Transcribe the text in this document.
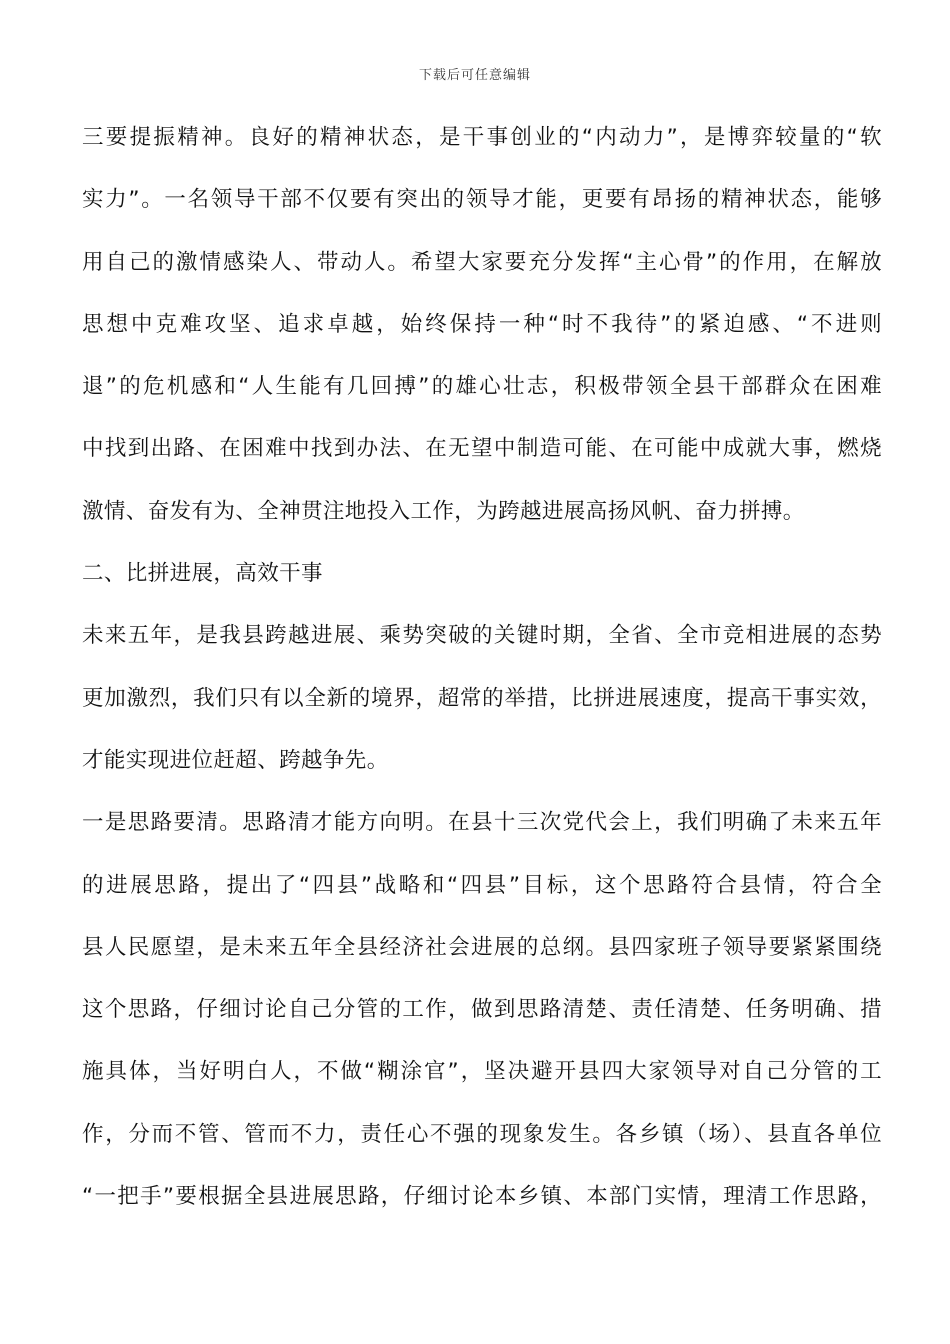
下载后可任意编辑
三要提振精神。良好的精神状态，是干事创业的“内动力”，是博弈较量的“软
实力”。一名领导干部不仅要有突出的领导才能，更要有昂扬的精神状态，能够
用自己的激情感染人、带动人。希望大家要充分发挥“主心骨”的作用，在解放
思想中克难攻坚、追求卓越，始终保持一种“时不我待”的紧迫感、“不进则
退”的危机感和“人生能有几回搏”的雄心壮志，积极带领全县干部群众在困难
中找到出路、在困难中找到办法、在无望中制造可能、在可能中成就大事，燃烧
激情、奋发有为、全神贯注地投入工作，为跨越进展高扬风帆、奋力拼搏。
二、比拼进展，高效干事
未来五年，是我县跨越进展、乘势突破的关键时期，全省、全市竞相进展的态势
更加激烈，我们只有以全新的境界，超常的举措，比拼进展速度，提高干事实效，
才能实现进位赶超、跨越争先。
一是思路要清。思路清才能方向明。在县十三次党代会上，我们明确了未来五年
的进展思路，提出了“四县”战略和“四县”目标，这个思路符合县情，符合全
县人民愿望，是未来五年全县经济社会进展的总纲。县四家班子领导要紧紧围绕
这个思路，仔细讨论自己分管的工作，做到思路清楚、责任清楚、任务明确、措
施具体，当好明白人，不做“糊涂官”，坚决避开县四大家领导对自己分管的工
作，分而不管、管而不力，责任心不强的现象发生。各乡镇（场）、县直各单位
“一把手”要根据全县进展思路，仔细讨论本乡镇、本部门实情，理清工作思路，
